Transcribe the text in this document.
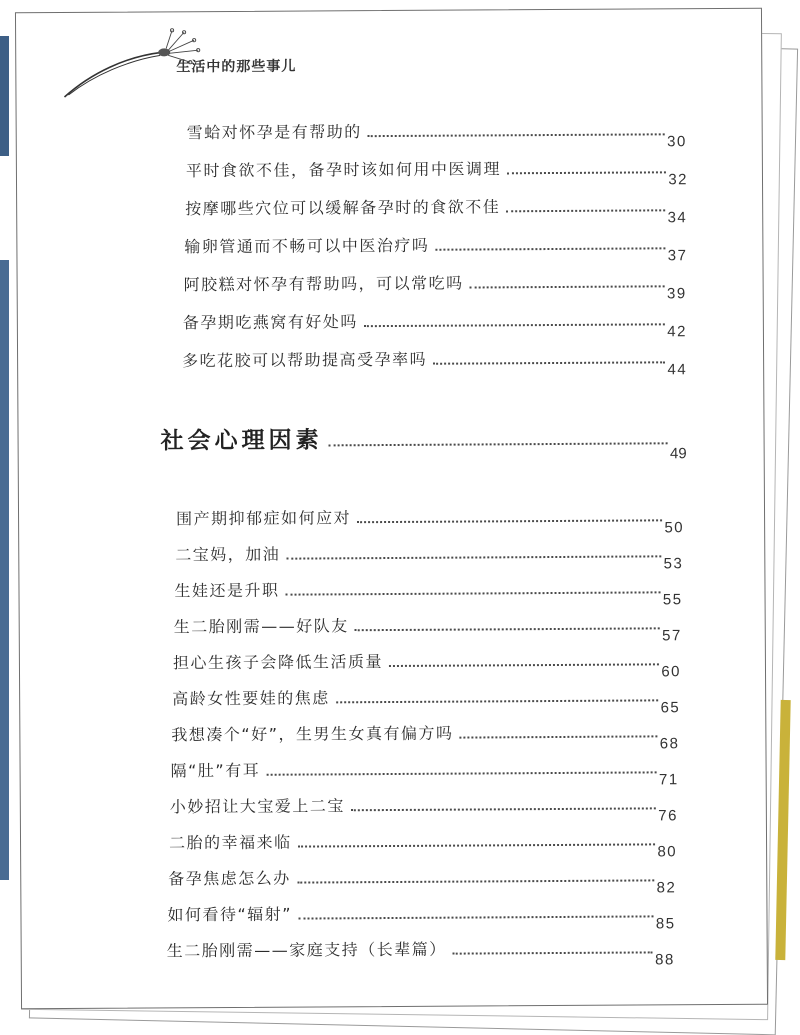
生活中的那些事儿
雪蛤对怀孕是有帮助的	30
平时食欲不佳，备孕时该如何用中医调理	32
按摩哪些穴位可以缓解备孕时的食欲不佳	34
输卵管通而不畅可以中医治疗吗	37
阿胶糕对怀孕有帮助吗，可以常吃吗	39
备孕期吃燕窝有好处吗	42
多吃花胶可以帮助提高受孕率吗	44
社会心理因素	49
围产期抑郁症如何应对	50
二宝妈，加油	53
生娃还是升职	55
生二胎刚需——好队友	57
担心生孩子会降低生活质量	60
高龄女性要娃的焦虑	65
我想凑个“好”，生男生女真有偏方吗	68
隔“肚”有耳	71
小妙招让大宝爱上二宝	76
二胎的幸福来临	80
备孕焦虑怎么办	82
如何看待“辐射”	85
生二胎刚需——家庭支持（长辈篇）	88
